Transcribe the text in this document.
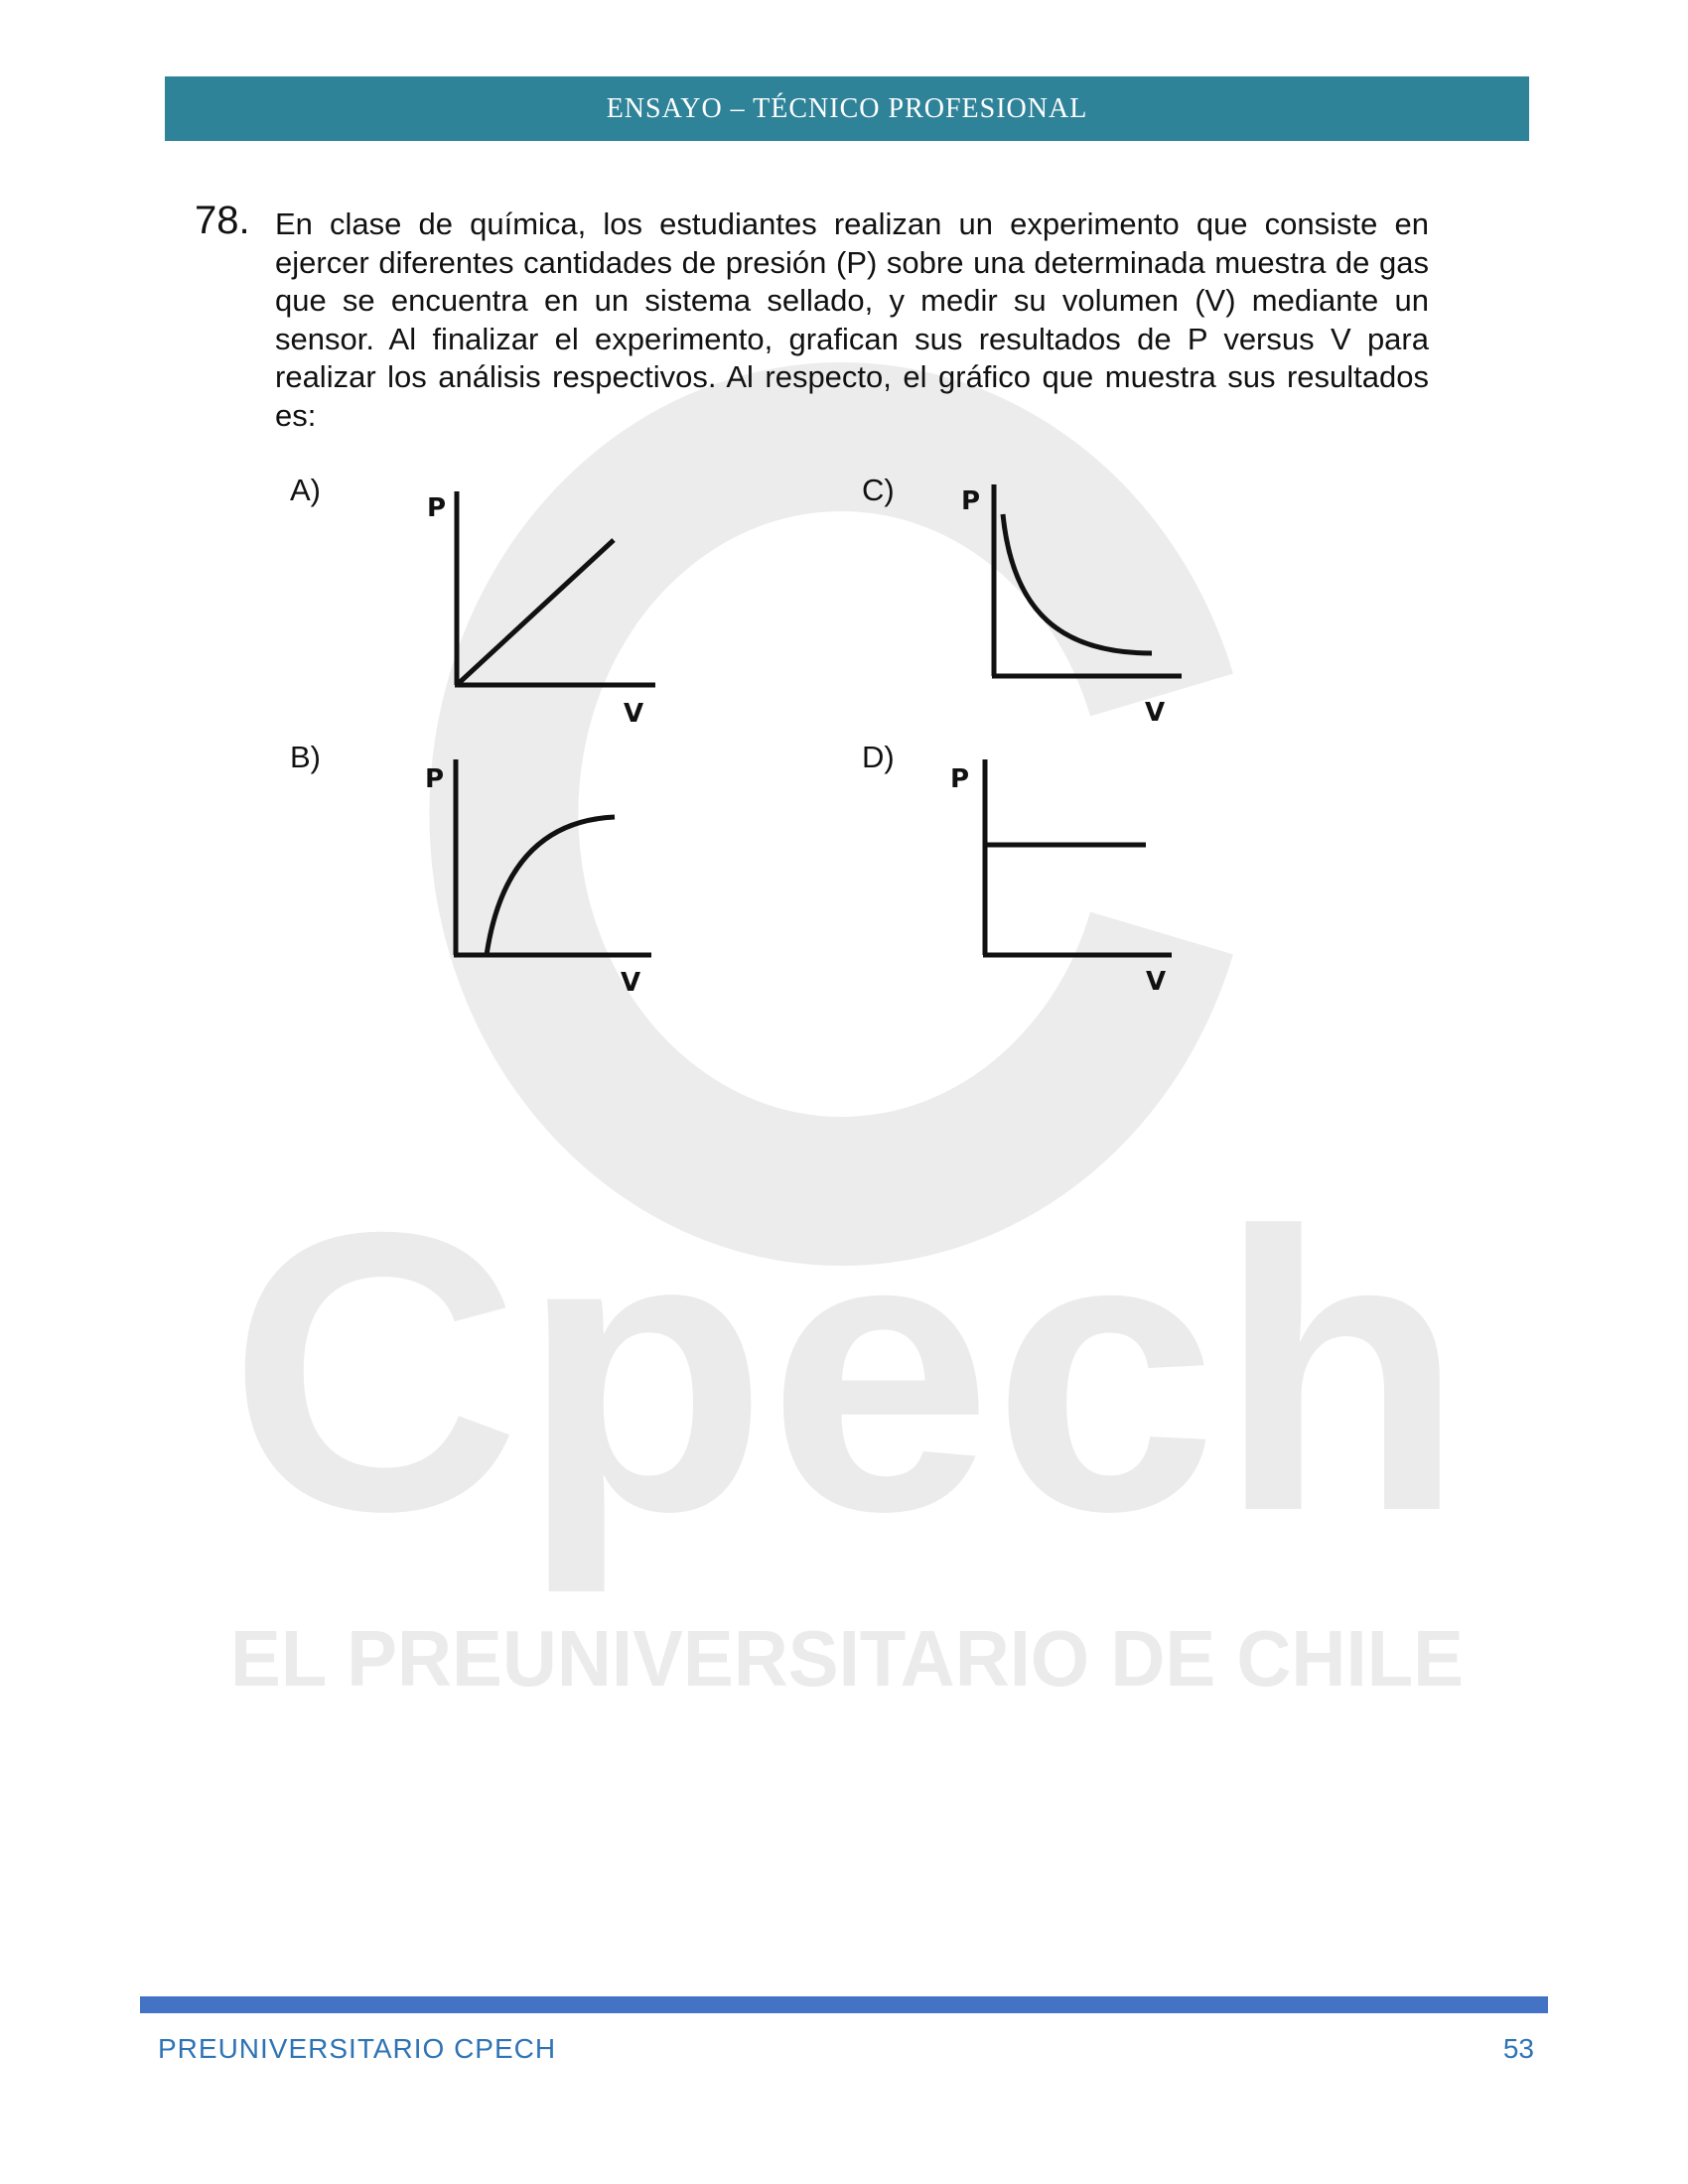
Cpech
EL PREUNIVERSITARIO DE CHILE
ENSAYO – TÉCNICO PROFESIONAL
78. En clase de química, los estudiantes realizan un experimento que consiste en ejercer diferentes cantidades de presión (P) sobre una determinada muestra de gas que se encuentra en un sistema sellado, y medir su volumen (V) mediante un sensor. Al finalizar el experimento, grafican sus resultados de P versus V para realizar los análisis respectivos. Al respecto, el gráfico que muestra sus resultados es:

A)
P
V
B)
P
V
C)	P
V
D)
P
V
PREUNIVERSITARIO CPECH	53
